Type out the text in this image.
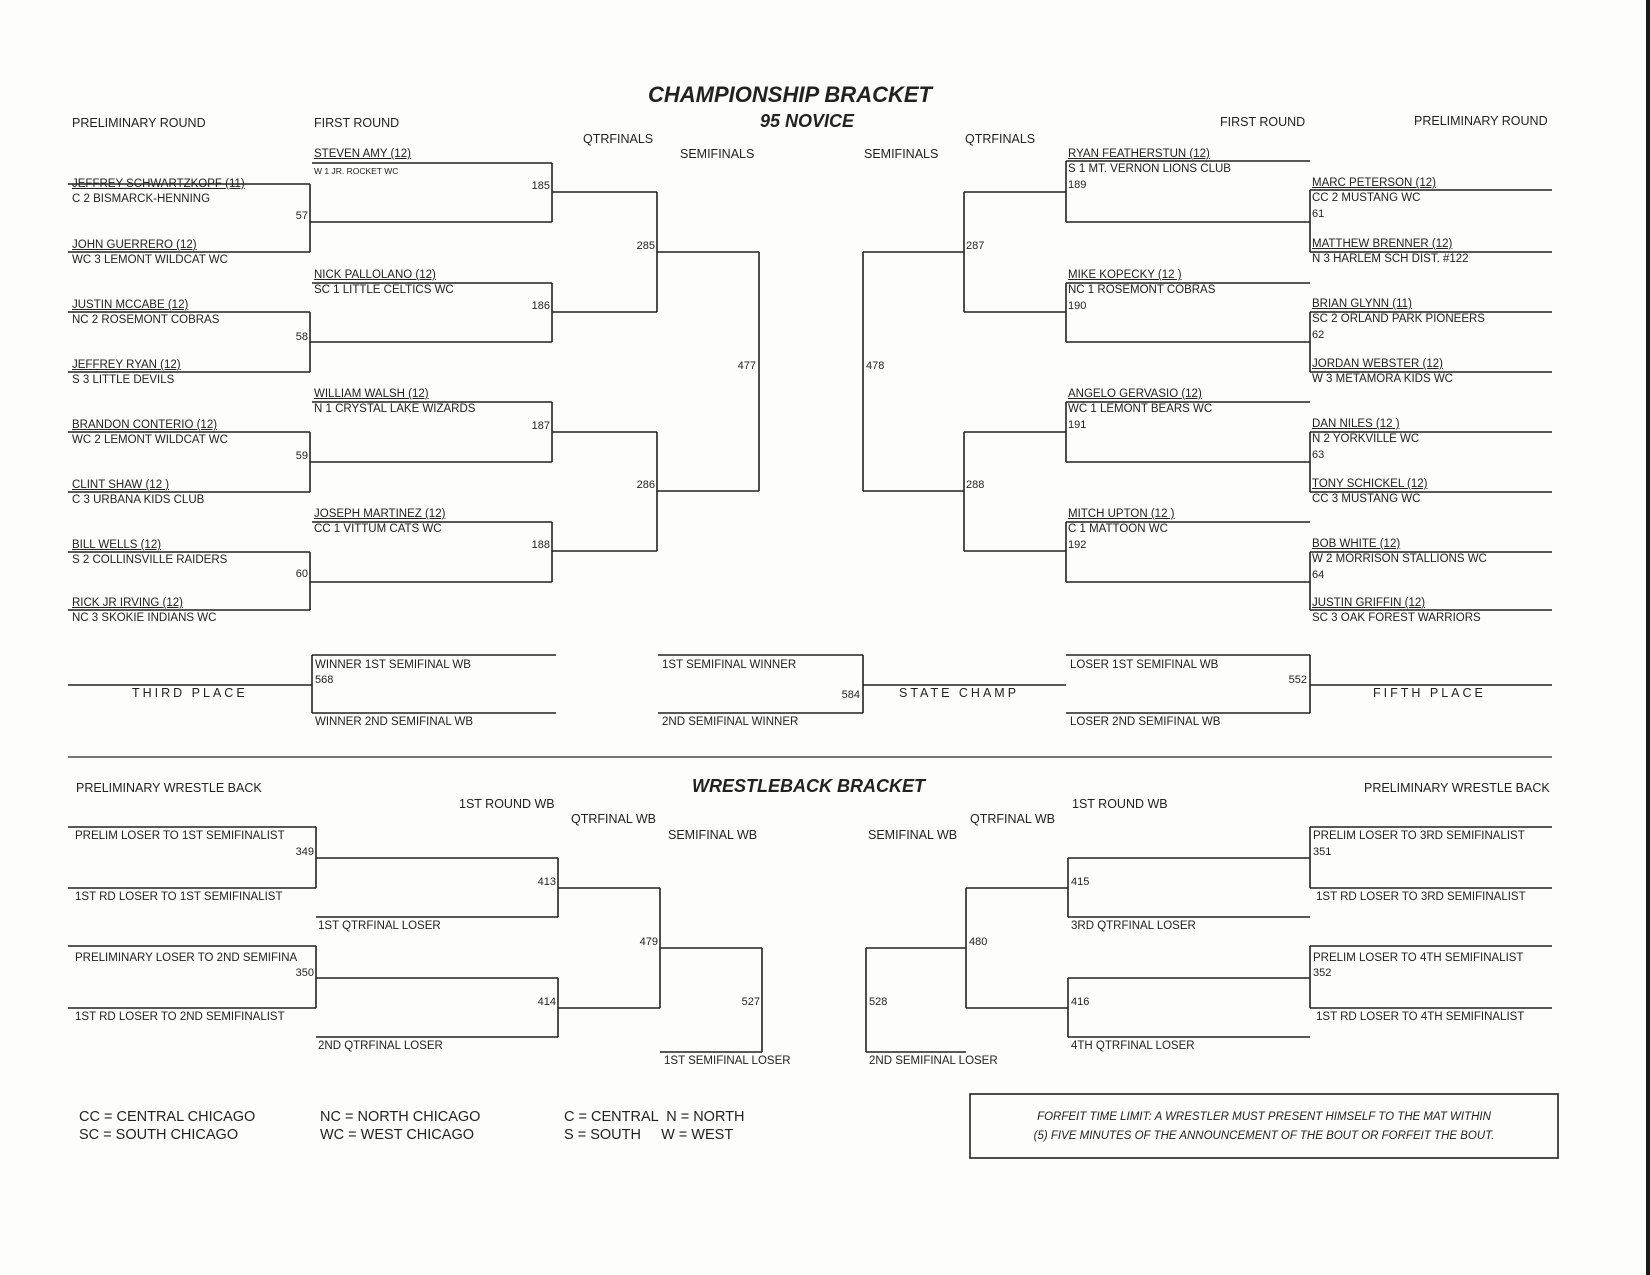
CHAMPIONSHIP BRACKET
95 NOVICE
PRELIMINARY ROUND	FIRST ROUND
QTRFINALS
SEMIFINALS	SEMIFINALS
QTRFINALS
FIRST ROUND	PRELIMINARY ROUND
STEVEN AMY (12)
W 1 JR. ROCKET WC
NICK PALLOLANO (12)
SC 1 LITTLE CELTICS WC
WILLIAM WALSH (12)
N 1 CRYSTAL LAKE WIZARDS
JOSEPH MARTINEZ (12)
CC 1 VITTUM CATS WC
JEFFREY SCHWARTZKOPF (11)
C 2 BISMARCK-HENNING
JOHN GUERRERO (12)
WC 3 LEMONT WILDCAT WC
JUSTIN MCCABE (12)
NC 2 ROSEMONT COBRAS
JEFFREY RYAN (12)
S 3 LITTLE DEVILS
BRANDON CONTERIO (12)
WC 2 LEMONT WILDCAT WC
CLINT SHAW (12 )
C 3 URBANA KIDS CLUB
BILL WELLS (12)
S 2 COLLINSVILLE RAIDERS
RICK JR IRVING (12)
NC 3 SKOKIE INDIANS WC
57
58
59
60
185
186
187
188
285
286
477
RYAN FEATHERSTUN (12)
S 1 MT. VERNON LIONS CLUB
189
MIKE KOPECKY (12 )
NC 1 ROSEMONT COBRAS
190
ANGELO GERVASIO (12)
WC 1 LEMONT BEARS WC
191
MITCH UPTON (12 )
C 1 MATTOON WC
192
MARC PETERSON (12)
CC 2 MUSTANG WC
61
MATTHEW BRENNER (12)
N 3 HARLEM SCH DIST. #122
BRIAN GLYNN (11)
SC 2 ORLAND PARK PIONEERS
62
JORDAN WEBSTER (12)
W 3 METAMORA KIDS WC
DAN NILES (12 )
N 2 YORKVILLE WC
63
TONY SCHICKEL (12)
CC 3 MUSTANG WC
BOB WHITE (12)
W 2 MORRISON STALLIONS WC
64
JUSTIN GRIFFIN (12)
SC 3 OAK FOREST WARRIORS
287
288
478
WINNER 1ST SEMIFINAL WB
568
WINNER 2ND SEMIFINAL WB
THIRD PLACE
1ST SEMIFINAL WINNER
2ND SEMIFINAL WINNER
584	STATE CHAMP
LOSER 1ST SEMIFINAL WB
552
LOSER 2ND SEMIFINAL WB
FIFTH PLACE
WRESTLEBACK BRACKET
PRELIMINARY WRESTLE BACK
1ST ROUND WB
QTRFINAL WB
SEMIFINAL WB	SEMIFINAL WB
QTRFINAL WB
1ST ROUND WB
PRELIMINARY WRESTLE BACK
PRELIM LOSER TO 1ST SEMIFINALIST
349
1ST RD LOSER TO 1ST SEMIFINALIST
PRELIMINARY LOSER TO 2ND SEMIFINA
350
1ST RD LOSER TO 2ND SEMIFINALIST
413
414
1ST QTRFINAL LOSER
2ND QTRFINAL LOSER
479
527
1ST SEMIFINAL LOSER
PRELIM LOSER TO 3RD SEMIFINALIST
351
1ST RD LOSER TO 3RD SEMIFINALIST
PRELIM LOSER TO 4TH SEMIFINALIST
352
1ST RD LOSER TO 4TH SEMIFINALIST
415
416
3RD QTRFINAL LOSER
4TH QTRFINAL LOSER
480
528
2ND SEMIFINAL LOSER
CC = CENTRAL CHICAGO
SC = SOUTH CHICAGO
NC = NORTH CHICAGO
WC = WEST CHICAGO
C = CENTRAL  N = NORTH
S = SOUTH     W = WEST
FORFEIT TIME LIMIT: A WRESTLER MUST PRESENT HIMSELF TO THE MAT WITHIN
(5) FIVE MINUTES OF THE ANNOUNCEMENT OF THE BOUT OR FORFEIT THE BOUT.
